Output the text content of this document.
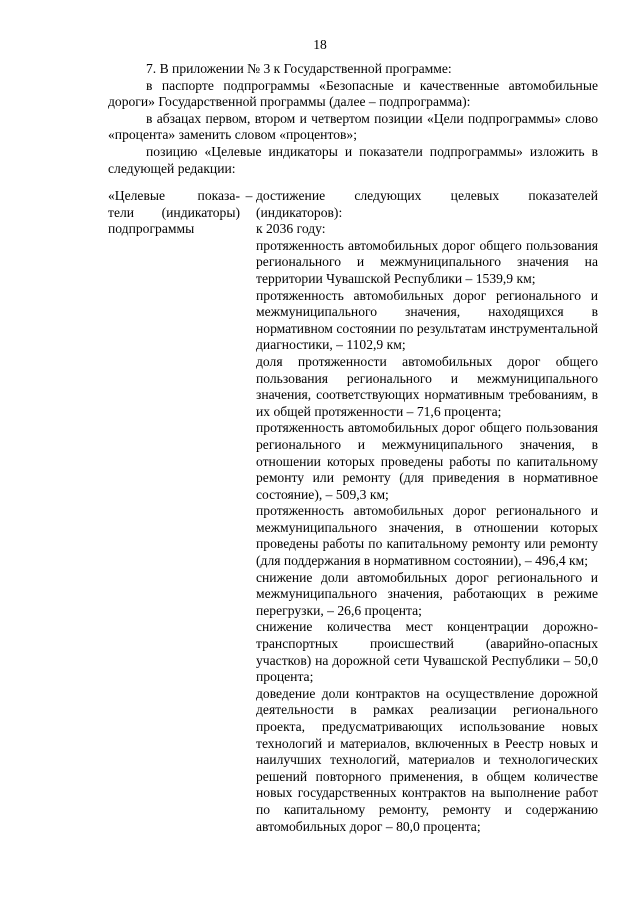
18

7. В приложении № 3 к Государственной программе:

в паспорте подпрограммы «Безопасные и качественные автомобильные дороги» Государственной программы (далее – подпрограмма):

в абзацах первом, втором и четвертом позиции «Цели подпрограммы» слово «процента» заменить словом «процентов»;

позицию «Целевые индикаторы и показатели подпрограммы» изложить в следующей редакции:

«Целевые показа-
тели (индикаторы)
подпрограммы
– достижение следующих целевых показателей (индикаторов):
к 2036 году:
протяженность автомобильных дорог общего пользования регионального и межмуниципального значения на территории Чувашской Республики – 1539,9 км;
протяженность автомобильных дорог регионального и межмуниципального значения, находящихся в нормативном состоянии по результатам инструментальной диагностики, – 1102,9 км;
доля протяженности автомобильных дорог общего пользования регионального и межмуниципального значения, соответствующих нормативным требованиям, в их общей протяженности – 71,6 процента;
протяженность автомобильных дорог общего пользования регионального и межмуниципального значения, в отношении которых проведены работы по капитальному ремонту или ремонту (для приведения в нормативное состояние), – 509,3 км;
протяженность автомобильных дорог регионального и межмуниципального значения, в отношении которых проведены работы по капитальному ремонту или ремонту (для поддержания в нормативном состоянии), – 496,4 км;
снижение доли автомобильных дорог регионального и межмуниципального значения, работающих в режиме перегрузки, – 26,6 процента;
снижение количества мест концентрации дорожно-транспортных происшествий (аварийно-опасных участков) на дорожной сети Чувашской Республики – 50,0 процента;
доведение доли контрактов на осуществление дорожной деятельности в рамках реализации регионального проекта, предусматривающих использование новых технологий и материалов, включенных в Реестр новых и наилучших технологий, материалов и технологических решений повторного применения, в общем количестве новых государственных контрактов на выполнение работ по капитальному ремонту, ремонту и содержанию автомобильных дорог – 80,0 процента;
